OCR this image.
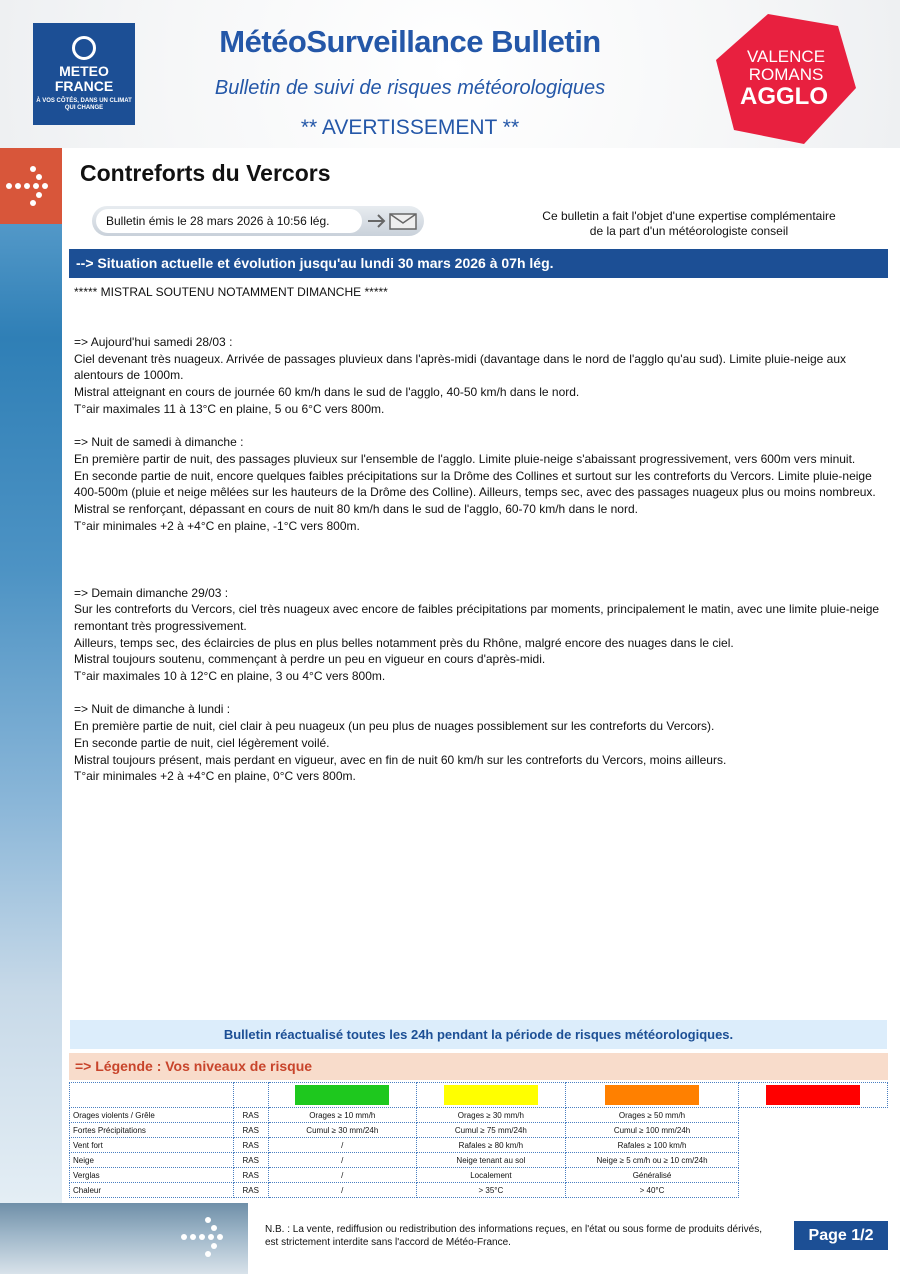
METEO
FRANCE
À VOS CÔTÉS, DANS UN CLIMAT QUI CHANGE
MétéoSurveillance Bulletin
Bulletin de suivi de risques météorologiques
** AVERTISSEMENT **
VALENCE
ROMANS
AGGLO
Contreforts du Vercors
Bulletin émis le 28 mars 2026 à 10:56 lég.	Ce bulletin a fait l'objet d'une expertise complémentaire
de la part d'un météorologiste conseil
--> Situation actuelle et évolution jusqu'au lundi 30 mars 2026 à 07h lég.
***** MISTRAL SOUTENU NOTAMMENT DIMANCHE *****
=> Aujourd'hui samedi 28/03 :
Ciel devenant très nuageux. Arrivée de passages pluvieux dans l'après-midi (davantage dans le nord de l'agglo qu'au sud). Limite pluie-neige aux alentours de 1000m.
Mistral atteignant en cours de journée 60 km/h dans le sud de l'agglo, 40-50 km/h dans le nord.
T°air maximales 11 à 13°C en plaine, 5 ou 6°C vers 800m.
=> Nuit de samedi à dimanche :
En première partir de nuit, des passages pluvieux sur l'ensemble de l'agglo. Limite pluie-neige s'abaissant progressivement, vers 600m vers minuit.
En seconde partie de nuit, encore quelques faibles précipitations sur la Drôme des Collines et surtout sur les contreforts du Vercors. Limite pluie-neige 400-500m (pluie et neige mêlées sur les hauteurs de la Drôme des Colline). Ailleurs, temps sec, avec des passages nuageux plus ou moins nombreux.
Mistral se renforçant, dépassant en cours de nuit 80 km/h dans le sud de l'agglo, 60-70 km/h dans le nord.
T°air minimales +2 à +4°C en plaine, -1°C vers 800m.
=> Demain dimanche 29/03 :
Sur les contreforts du Vercors, ciel très nuageux avec encore de faibles précipitations par moments, principalement le matin, avec une limite pluie-neige remontant très progressivement.
Ailleurs, temps sec, des éclaircies de plus en plus belles notamment près du Rhône, malgré encore des nuages dans le ciel.
Mistral toujours soutenu, commençant à perdre un peu en vigueur en cours d'après-midi.
T°air maximales 10 à 12°C en plaine, 3 ou 4°C vers 800m.
=> Nuit de dimanche à lundi :
En première partie de nuit, ciel clair à peu nuageux (un peu plus de nuages possiblement sur les contreforts du Vercors).
En seconde partie de nuit, ciel légèrement voilé.
Mistral toujours présent, mais perdant en vigueur, avec en fin de nuit 60 km/h sur les contreforts du Vercors, moins ailleurs.
T°air minimales +2 à +4°C en plaine, 0°C vers 800m.
Bulletin réactualisé toutes les 24h pendant la période de risques météorologiques.
=> Légende : Vos niveaux de risque

Orages violents / Grêle	RAS	Orages ≥ 10 mm/h	Orages ≥ 30 mm/h	Orages ≥ 50 mm/h	
Fortes Précipitations	RAS	Cumul ≥ 30 mm/24h	Cumul ≥ 75 mm/24h	Cumul ≥ 100 mm/24h	
Vent fort	RAS	/	Rafales ≥ 80 km/h	Rafales ≥ 100 km/h	
Neige	RAS	/	Neige tenant au sol	Neige ≥ 5 cm/h ou ≥ 10 cm/24h	
Verglas	RAS	/	Localement	Généralisé	
Chaleur	RAS	/	> 35°C	> 40°C	
N.B. : La vente, rediffusion ou redistribution des informations reçues, en l'état ou sous forme de produits dérivés, est strictement interdite sans l'accord de Météo-France.	Page 1/2
